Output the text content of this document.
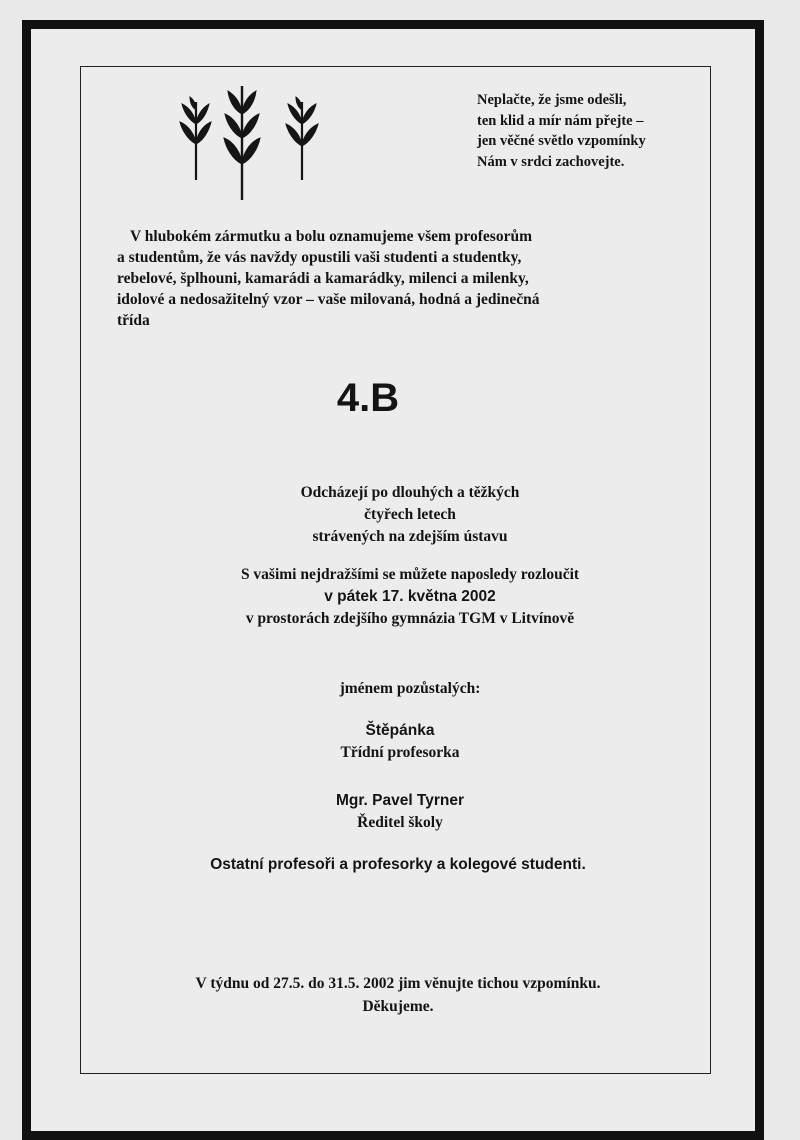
Neplačte, že jsme odešli,
ten klid a mír nám přejte –
jen věčné světlo vzpomínky
Nám v srdci zachovejte.
V hlubokém zármutku a bolu oznamujeme všem profesorům
a studentům, že vás navždy opustili vaši studenti a studentky,
rebelové, šplhouni, kamarádi a kamarádky, milenci a milenky,
idolové a nedosažitelný vzor – vaše milovaná, hodná a jedinečná
třída
4.B
Odcházejí po dlouhých a těžkých
čtyřech letech
strávených na zdejším ústavu
S vašimi nejdražšími se můžete naposledy rozloučit
v pátek 17. května 2002
v prostorách zdejšího gymnázia TGM v Litvínově
jménem pozůstalých:
Štěpánka
Třídní profesorka
Mgr. Pavel Tyrner
Ředitel školy
Ostatní profesoři a profesorky a kolegové studenti.
V týdnu od 27.5. do 31.5. 2002 jim věnujte tichou vzpomínku.
Děkujeme.
